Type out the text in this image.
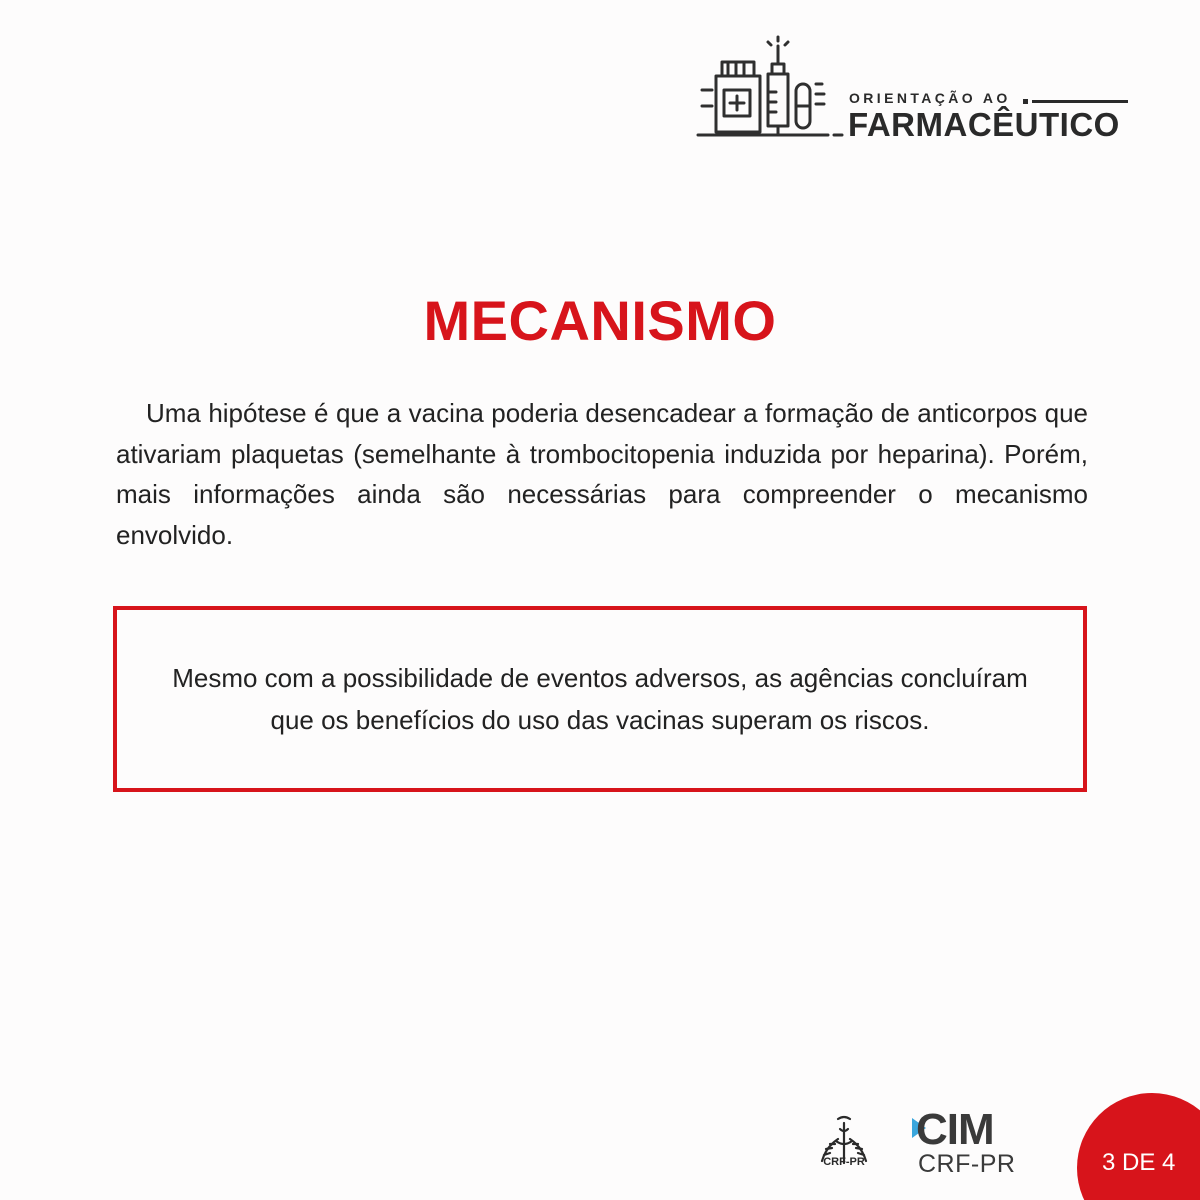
ORIENTAÇÃO AO
FARMACÊUTICO
MECANISMO

Uma hipótese é que a vacina poderia desencadear a formação de anticorpos que ativariam plaquetas (semelhante à trombocitopenia induzida por heparina). Porém, mais informações ainda são necessárias para compreender o mecanismo envolvido.

Mesmo com a possibilidade de eventos adversos, as agências concluíram que os benefícios do uso das vacinas superam os riscos.

CRF-PR
CIM
CRF-PR	3 DE 4
